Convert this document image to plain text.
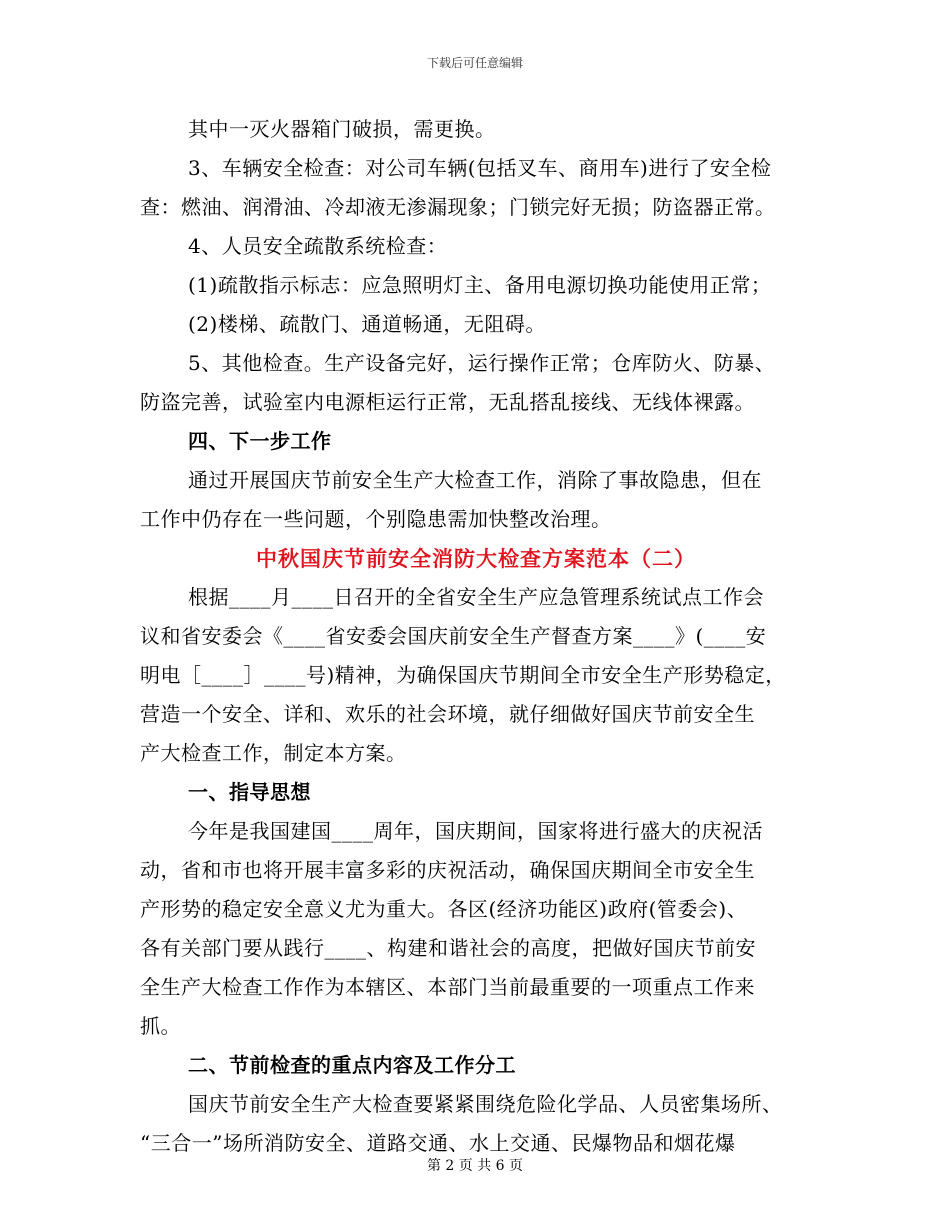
下载后可任意编辑
其中一灭火器箱门破损，需更换。
3、车辆安全检查：对公司车辆(包括叉车、商用车)进行了安全检
查：燃油、润滑油、冷却液无渗漏现象；门锁完好无损；防盗器正常。
4、人员安全疏散系统检查：
(1)疏散指示标志：应急照明灯主、备用电源切换功能使用正常；
(2)楼梯、疏散门、通道畅通，无阻碍。
5、其他检查。生产设备完好，运行操作正常；仓库防火、防暴、
防盗完善，试验室内电源柜运行正常，无乱搭乱接线、无线体裸露。
四、下一步工作
通过开展国庆节前安全生产大检查工作，消除了事故隐患，但在
工作中仍存在一些问题，个别隐患需加快整改治理。
中秋国庆节前安全消防大检查方案范本（二）
根据____月____日召开的全省安全生产应急管理系统试点工作会
议和省安委会《____省安委会国庆前安全生产督查方案____》(____安
明电［____］____号)精神，为确保国庆节期间全市安全生产形势稳定，
营造一个安全、详和、欢乐的社会环境，就仔细做好国庆节前安全生
产大检查工作，制定本方案。
一、指导思想
今年是我国建国____周年，国庆期间，国家将进行盛大的庆祝活
动，省和市也将开展丰富多彩的庆祝活动，确保国庆期间全市安全生
产形势的稳定安全意义尤为重大。各区(经济功能区)政府(管委会)、
各有关部门要从践行____、构建和谐社会的高度，把做好国庆节前安
全生产大检查工作作为本辖区、本部门当前最重要的一项重点工作来
抓。
二、节前检查的重点内容及工作分工
国庆节前安全生产大检查要紧紧围绕危险化学品、人员密集场所、
“三合一”场所消防安全、道路交通、水上交通、民爆物品和烟花爆
第 2 页 共 6 页
